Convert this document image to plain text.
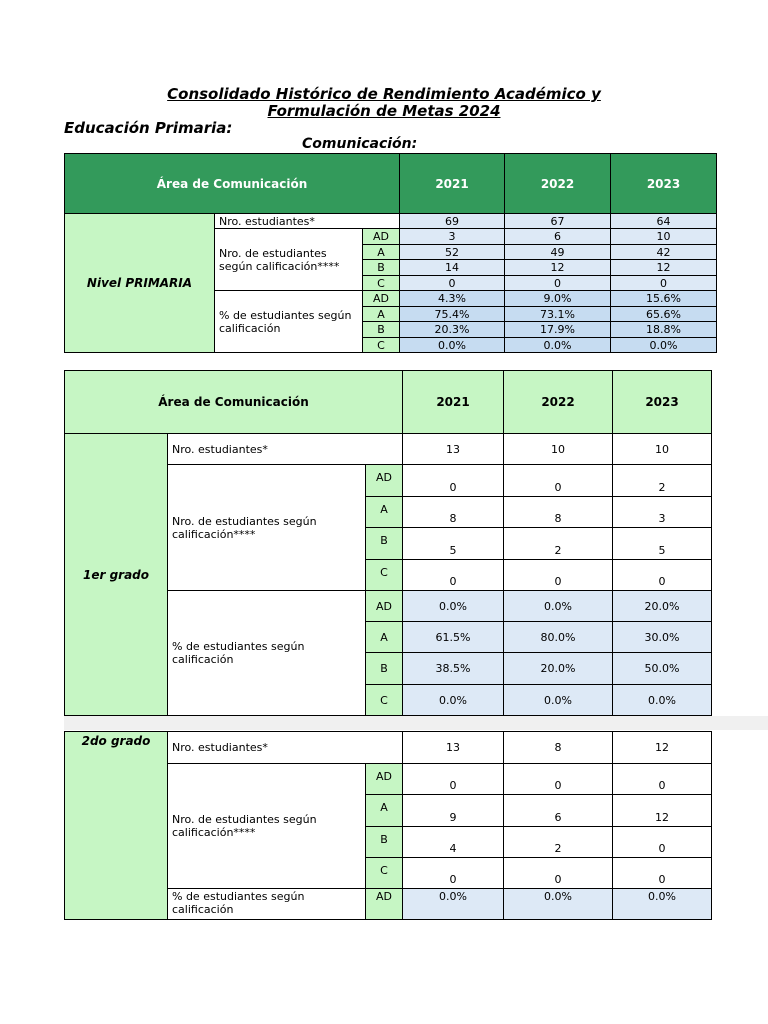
Consolidado Histórico de Rendimiento Académico y
Formulación de Metas 2024
Educación Primaria:
Comunicación:
Área de Comunicación			2021	2022	2023
Nivel PRIMARIA	Nro. estudiantes*		69	67	64
	Nro. de estudiantes según calificación****	AD	3	6	10
		A	52	49	42
		B	14	12	12
		C	0	0	0
	% de estudiantes según calificación	AD	4.3%	9.0%	15.6%
		A	75.4%	73.1%	65.6%
		B	20.3%	17.9%	18.8%
		C	0.0%	0.0%	0.0%
Área de Comunicación			2021	2022	2023
1er grado	Nro. estudiantes*		13	10	10
	Nro. de estudiantes según calificación****	AD	0	0	2
		A	8	8	3
		B	5	2	5
		C	0	0	0
	% de estudiantes según calificación	AD	0.0%	0.0%	20.0%
		A	61.5%	80.0%	30.0%
		B	38.5%	20.0%	50.0%
		C	0.0%	0.0%	0.0%
2do grado	Nro. estudiantes*		13	8	12
	Nro. de estudiantes según calificación****	AD	0	0	0
		A	9	6	12
		B	4	2	0
		C	0	0	0
	% de estudiantes según calificación	AD	0.0%	0.0%	0.0%
